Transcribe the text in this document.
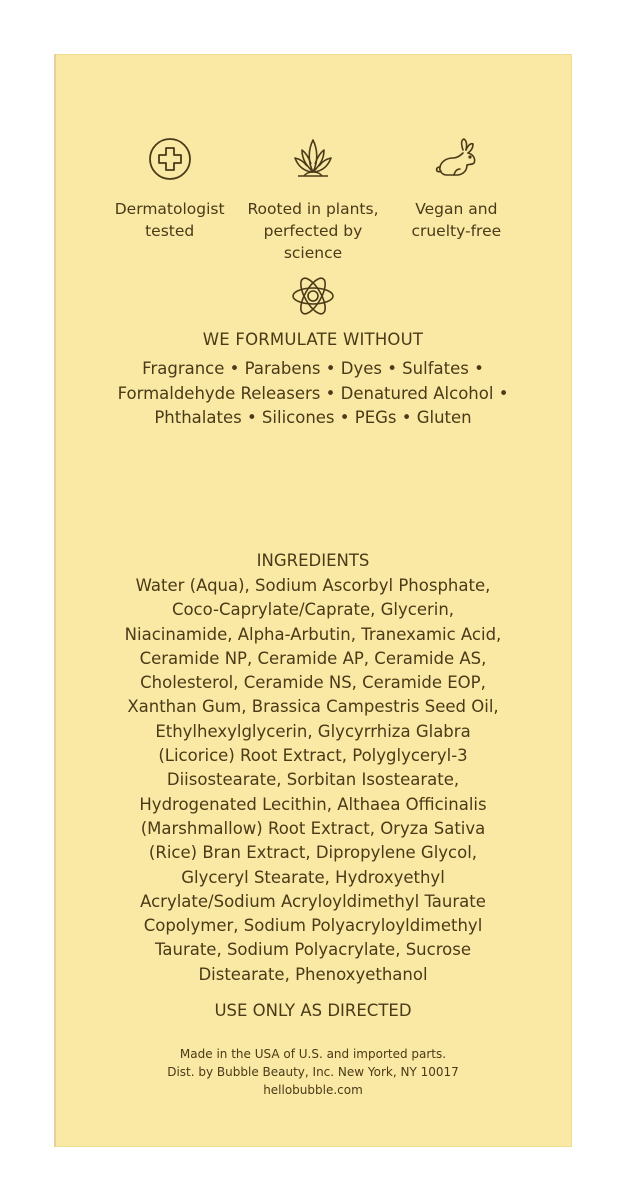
Dermatologist
tested
Rooted in plants,
perfected by science
Vegan and
cruelty-free
WE FORMULATE WITHOUT
Fragrance • Parabens • Dyes • Sulfates •
Formaldehyde Releasers • Denatured Alcohol •
Phthalates • Silicones • PEGs • Gluten
INGREDIENTS
Water (Aqua), Sodium Ascorbyl Phosphate,
Coco-Caprylate/Caprate, Glycerin,
Niacinamide, Alpha-Arbutin, Tranexamic Acid,
Ceramide NP, Ceramide AP, Ceramide AS,
Cholesterol, Ceramide NS, Ceramide EOP,
Xanthan Gum, Brassica Campestris Seed Oil,
Ethylhexylglycerin, Glycyrrhiza Glabra
(Licorice) Root Extract, Polyglyceryl-3
Diisostearate, Sorbitan Isostearate,
Hydrogenated Lecithin, Althaea Officinalis
(Marshmallow) Root Extract, Oryza Sativa
(Rice) Bran Extract, Dipropylene Glycol,
Glyceryl Stearate, Hydroxyethyl
Acrylate/Sodium Acryloyldimethyl Taurate
Copolymer, Sodium Polyacryloyldimethyl
Taurate, Sodium Polyacrylate, Sucrose
Distearate, Phenoxyethanol
USE ONLY AS DIRECTED
Made in the USA of U.S. and imported parts.
Dist. by Bubble Beauty, Inc. New York, NY 10017
hellobubble.com
